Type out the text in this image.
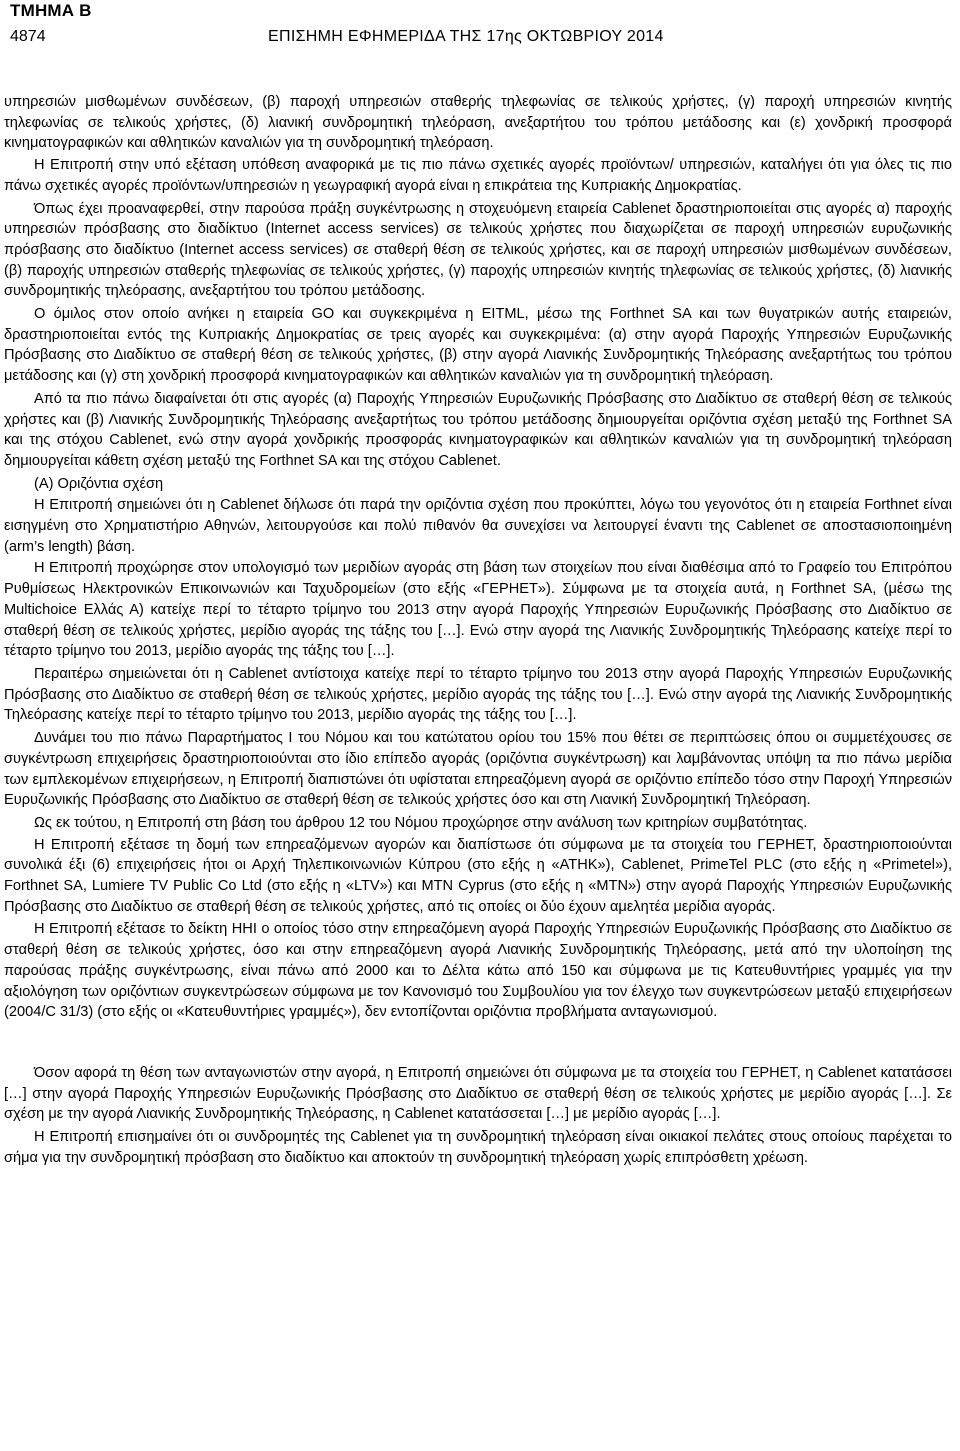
ΤΜΗΜΑ Β
4874	ΕΠΙΣΗΜΗ ΕΦΗΜΕΡΙΔΑ ΤΗΣ 17ης ΟΚΤΩΒΡΙΟΥ 2014

υπηρεσιών μισθωμένων συνδέσεων, (β) παροχή υπηρεσιών σταθερής τηλεφωνίας σε τελικούς χρήστες, (γ) παροχή υπηρεσιών κινητής τηλεφωνίας σε τελικούς χρήστες, (δ) λιανική συνδρομητική τηλεόραση, ανεξαρτήτου του τρόπου μετάδοσης και (ε) χονδρική προσφορά κινηματογραφικών και αθλητικών καναλιών για τη συνδρομητική τηλεόραση.

Η Επιτροπή στην υπό εξέταση υπόθεση αναφορικά με τις πιο πάνω σχετικές αγορές προϊόντων/ υπηρεσιών, καταλήγει ότι για όλες τις πιο πάνω σχετικές αγορές προϊόντων/υπηρεσιών η γεωγραφική αγορά είναι η επικράτεια της Κυπριακής Δημοκρατίας.

Όπως έχει προαναφερθεί, στην παρούσα πράξη συγκέντρωσης η στοχευόμενη εταιρεία Cablenet δραστηριοποιείται στις αγορές α) παροχής υπηρεσιών πρόσβασης στο διαδίκτυο (Internet access services) σε τελικούς χρήστες που διαχωρίζεται σε παροχή υπηρεσιών ευρυζωνικής πρόσβασης στο διαδίκτυο (Internet access services) σε σταθερή θέση σε τελικούς χρήστες, και σε παροχή υπηρεσιών μισθωμένων συνδέσεων, (β) παροχής υπηρεσιών σταθερής τηλεφωνίας σε τελικούς χρήστες, (γ) παροχής υπηρεσιών κινητής τηλεφωνίας σε τελικούς χρήστες, (δ) λιανικής συνδρομητικής τηλεόρασης, ανεξαρτήτου του τρόπου μετάδοσης.

Ο όμιλος στον οποίο ανήκει η εταιρεία GO και συγκεκριμένα η EITML, μέσω της Forthnet SA και των θυγατρικών αυτής εταιρειών, δραστηριοποιείται εντός της Κυπριακής Δημοκρατίας σε τρεις αγορές και συγκεκριμένα: (α) στην αγορά Παροχής Υπηρεσιών Ευρυζωνικής Πρόσβασης στο Διαδίκτυο σε σταθερή θέση σε τελικούς χρήστες, (β) στην αγορά Λιανικής Συνδρομητικής Τηλεόρασης ανεξαρτήτως του τρόπου μετάδοσης και (γ) στη χονδρική προσφορά κινηματογραφικών και αθλητικών καναλιών για τη συνδρομητική τηλεόραση.

Από τα πιο πάνω διαφαίνεται ότι στις αγορές (α) Παροχής Υπηρεσιών Ευρυζωνικής Πρόσβασης στο Διαδίκτυο σε σταθερή θέση σε τελικούς χρήστες και (β) Λιανικής Συνδρομητικής Τηλεόρασης ανεξαρτήτως του τρόπου μετάδοσης δημιουργείται οριζόντια σχέση μεταξύ της Forthnet SA και της στόχου Cablenet, ενώ στην αγορά χονδρικής προσφοράς κινηματογραφικών και αθλητικών καναλιών για τη συνδρομητική τηλεόραση δημιουργείται κάθετη σχέση μεταξύ της Forthnet SA και της στόχου Cablenet.

(Α) Οριζόντια σχέση

Η Επιτροπή σημειώνει ότι η Cablenet δήλωσε ότι παρά την οριζόντια σχέση που προκύπτει, λόγω του γεγονότος ότι η εταιρεία Forthnet είναι εισηγμένη στο Χρηματιστήριο Αθηνών, λειτουργούσε και πολύ πιθανόν θα συνεχίσει να λειτουργεί έναντι της Cablenet σε αποστασιοποιημένη (arm’s length) βάση.

Η Επιτροπή προχώρησε στον υπολογισμό των μεριδίων αγοράς στη βάση των στοιχείων που είναι διαθέσιμα από το Γραφείο του Επιτρόπου Ρυθμίσεως Ηλεκτρονικών Επικοινωνιών και Ταχυδρομείων (στο εξής «ΓΕΡΗΕΤ»). Σύμφωνα με τα στοιχεία αυτά, η Forthnet SA, (μέσω της Multichoice Ελλάς Α) κατείχε περί το τέταρτο τρίμηνο του 2013 στην αγορά Παροχής Υπηρεσιών Ευρυζωνικής Πρόσβασης στο Διαδίκτυο σε σταθερή θέση σε τελικούς χρήστες, μερίδιο αγοράς της τάξης του […]. Ενώ στην αγορά της Λιανικής Συνδρομητικής Τηλεόρασης κατείχε περί το τέταρτο τρίμηνο του 2013, μερίδιο αγοράς της τάξης του […].

Περαιτέρω σημειώνεται ότι η Cablenet αντίστοιχα κατείχε περί το τέταρτο τρίμηνο του 2013 στην αγορά Παροχής Υπηρεσιών Ευρυζωνικής Πρόσβασης στο Διαδίκτυο σε σταθερή θέση σε τελικούς χρήστες, μερίδιο αγοράς της τάξης του […]. Ενώ στην αγορά της Λιανικής Συνδρομητικής Τηλεόρασης κατείχε περί το τέταρτο τρίμηνο του 2013, μερίδιο αγοράς της τάξης του […].

Δυνάμει του πιο πάνω Παραρτήματος Ι του Νόμου και του κατώτατου ορίου του 15% που θέτει σε περιπτώσεις όπου οι συμμετέχουσες σε συγκέντρωση επιχειρήσεις δραστηριοποιούνται στο ίδιο επίπεδο αγοράς (οριζόντια συγκέντρωση) και λαμβάνοντας υπόψη τα πιο πάνω μερίδια των εμπλεκομένων επιχειρήσεων, η Επιτροπή διαπιστώνει ότι υφίσταται επηρεαζόμενη αγορά σε οριζόντιο επίπεδο τόσο στην Παροχή Υπηρεσιών Ευρυζωνικής Πρόσβασης στο Διαδίκτυο σε σταθερή θέση σε τελικούς χρήστες όσο και στη Λιανική Συνδρομητική Τηλεόραση.

Ως εκ τούτου, η Επιτροπή στη βάση του άρθρου 12 του Νόμου προχώρησε στην ανάλυση των κριτηρίων συμβατότητας.

Η Επιτροπή εξέτασε τη δομή των επηρεαζόμενων αγορών και διαπίστωσε ότι σύμφωνα με τα στοιχεία του ΓΕΡΗΕΤ, δραστηριοποιούνται συνολικά έξι (6) επιχειρήσεις ήτοι οι Αρχή Τηλεπικοινωνιών Κύπρου (στο εξής η «ΑΤΗΚ»), Cablenet, PrimeTel PLC (στο εξής η «Primetel»), Forthnet SA, Lumiere TV Public Co Ltd (στο εξής η «LTV») και MTN Cyprus (στο εξής η «MTN») στην αγορά Παροχής Υπηρεσιών Ευρυζωνικής Πρόσβασης στο Διαδίκτυο σε σταθερή θέση σε τελικούς χρήστες, από τις οποίες οι δύο έχουν αμελητέα μερίδια αγοράς.

Η Επιτροπή εξέτασε το δείκτη HHI ο οποίος τόσο στην επηρεαζόμενη αγορά Παροχής Υπηρεσιών Ευρυζωνικής Πρόσβασης στο Διαδίκτυο σε σταθερή θέση σε τελικούς χρήστες, όσο και στην επηρεαζόμενη αγορά Λιανικής Συνδρομητικής Τηλεόρασης, μετά από την υλοποίηση της παρούσας πράξης συγκέντρωσης, είναι πάνω από 2000 και το Δέλτα κάτω από 150 και σύμφωνα με τις Κατευθυντήριες γραμμές για την αξιολόγηση των οριζόντιων συγκεντρώσεων σύμφωνα με τον Κανονισμό του Συμβουλίου για τον έλεγχο των συγκεντρώσεων μεταξύ επιχειρήσεων (2004/C 31/3) (στο εξής οι «Κατευθυντήριες γραμμές»), δεν εντοπίζονται οριζόντια προβλήματα ανταγωνισμού.

Όσον αφορά τη θέση των ανταγωνιστών στην αγορά, η Επιτροπή σημειώνει ότι σύμφωνα με τα στοιχεία του ΓΕΡΗΕΤ, η Cablenet κατατάσσει […] στην αγορά Παροχής Υπηρεσιών Ευρυζωνικής Πρόσβασης στο Διαδίκτυο σε σταθερή θέση σε τελικούς χρήστες με μερίδιο αγοράς […]. Σε σχέση με την αγορά Λιανικής Συνδρομητικής Τηλεόρασης, η Cablenet κατατάσσεται […] με μερίδιο αγοράς […].

Η Επιτροπή επισημαίνει ότι οι συνδρομητές της Cablenet για τη συνδρομητική τηλεόραση είναι οικιακοί πελάτες στους οποίους παρέχεται το σήμα για την συνδρομητική πρόσβαση στο διαδίκτυο και αποκτούν τη συνδρομητική τηλεόραση χωρίς επιπρόσθετη χρέωση.
